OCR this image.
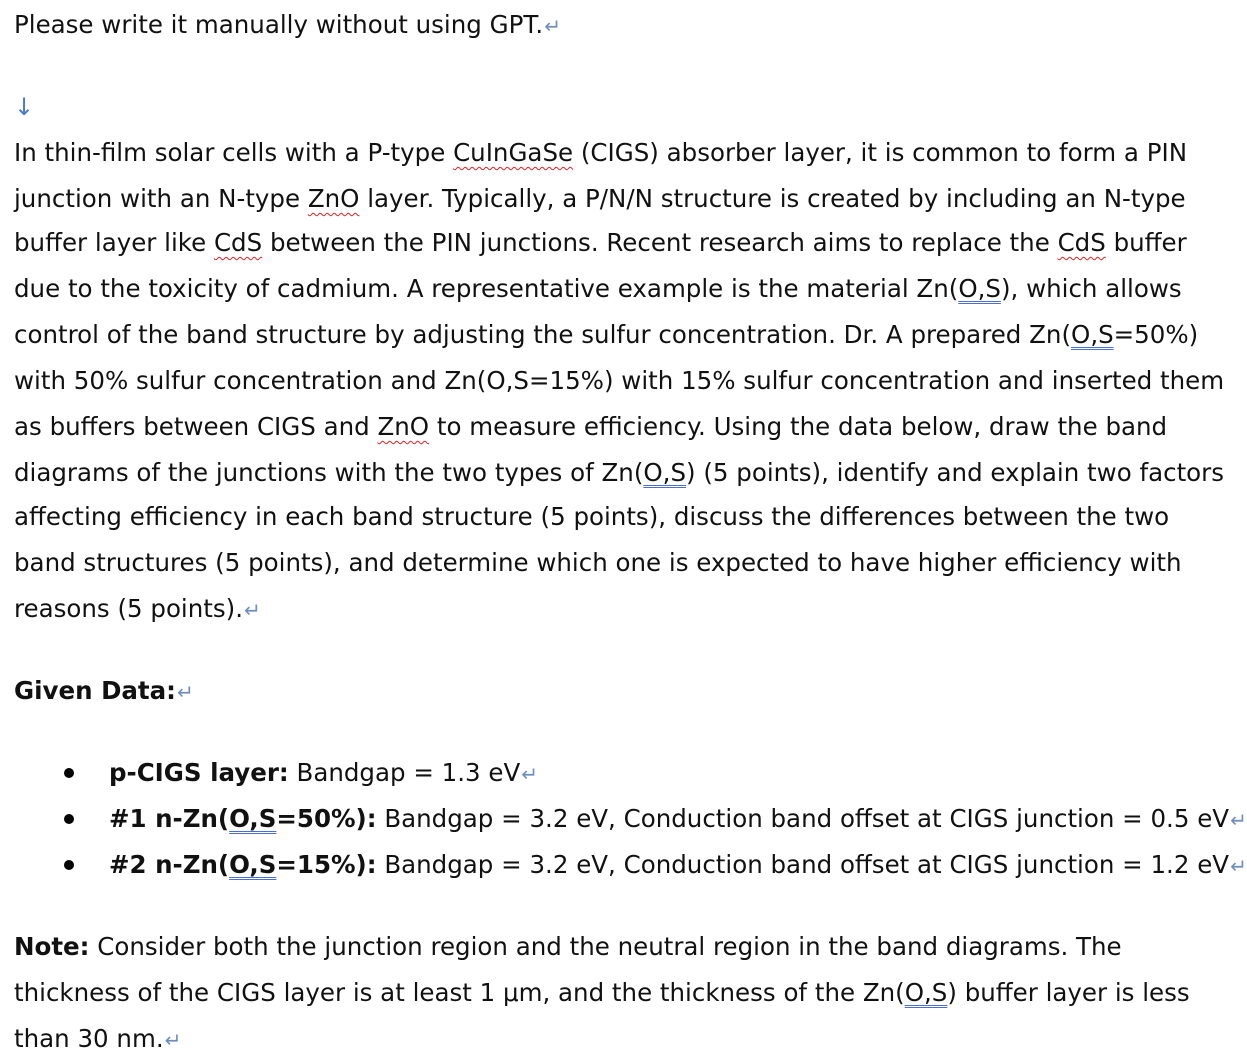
Please write it manually without using GPT.↵
↓
In thin-film solar cells with a P-type CuInGaSe (CIGS) absorber layer, it is common to form a PIN
junction with an N-type ZnO layer. Typically, a P/N/N structure is created by including an N-type
buffer layer like CdS between the PIN junctions. Recent research aims to replace the CdS buffer
due to the toxicity of cadmium. A representative example is the material Zn(O,S), which allows
control of the band structure by adjusting the sulfur concentration. Dr. A prepared Zn(O,S=50%)
with 50% sulfur concentration and Zn(O,S=15%) with 15% sulfur concentration and inserted them
as buffers between CIGS and ZnO to measure efficiency. Using the data below, draw the band
diagrams of the junctions with the two types of Zn(O,S) (5 points), identify and explain two factors
affecting efficiency in each band structure (5 points), discuss the differences between the two
band structures (5 points), and determine which one is expected to have higher efficiency with
reasons (5 points).↵
Given Data:↵
p-CIGS layer: Bandgap = 1.3 eV↵
#1 n-Zn(O,S=50%): Bandgap = 3.2 eV, Conduction band offset at CIGS junction = 0.5 eV↵
#2 n-Zn(O,S=15%): Bandgap = 3.2 eV, Conduction band offset at CIGS junction = 1.2 eV↵
Note: Consider both the junction region and the neutral region in the band diagrams. The
thickness of the CIGS layer is at least 1 μm, and the thickness of the Zn(O,S) buffer layer is less
than 30 nm.↵
